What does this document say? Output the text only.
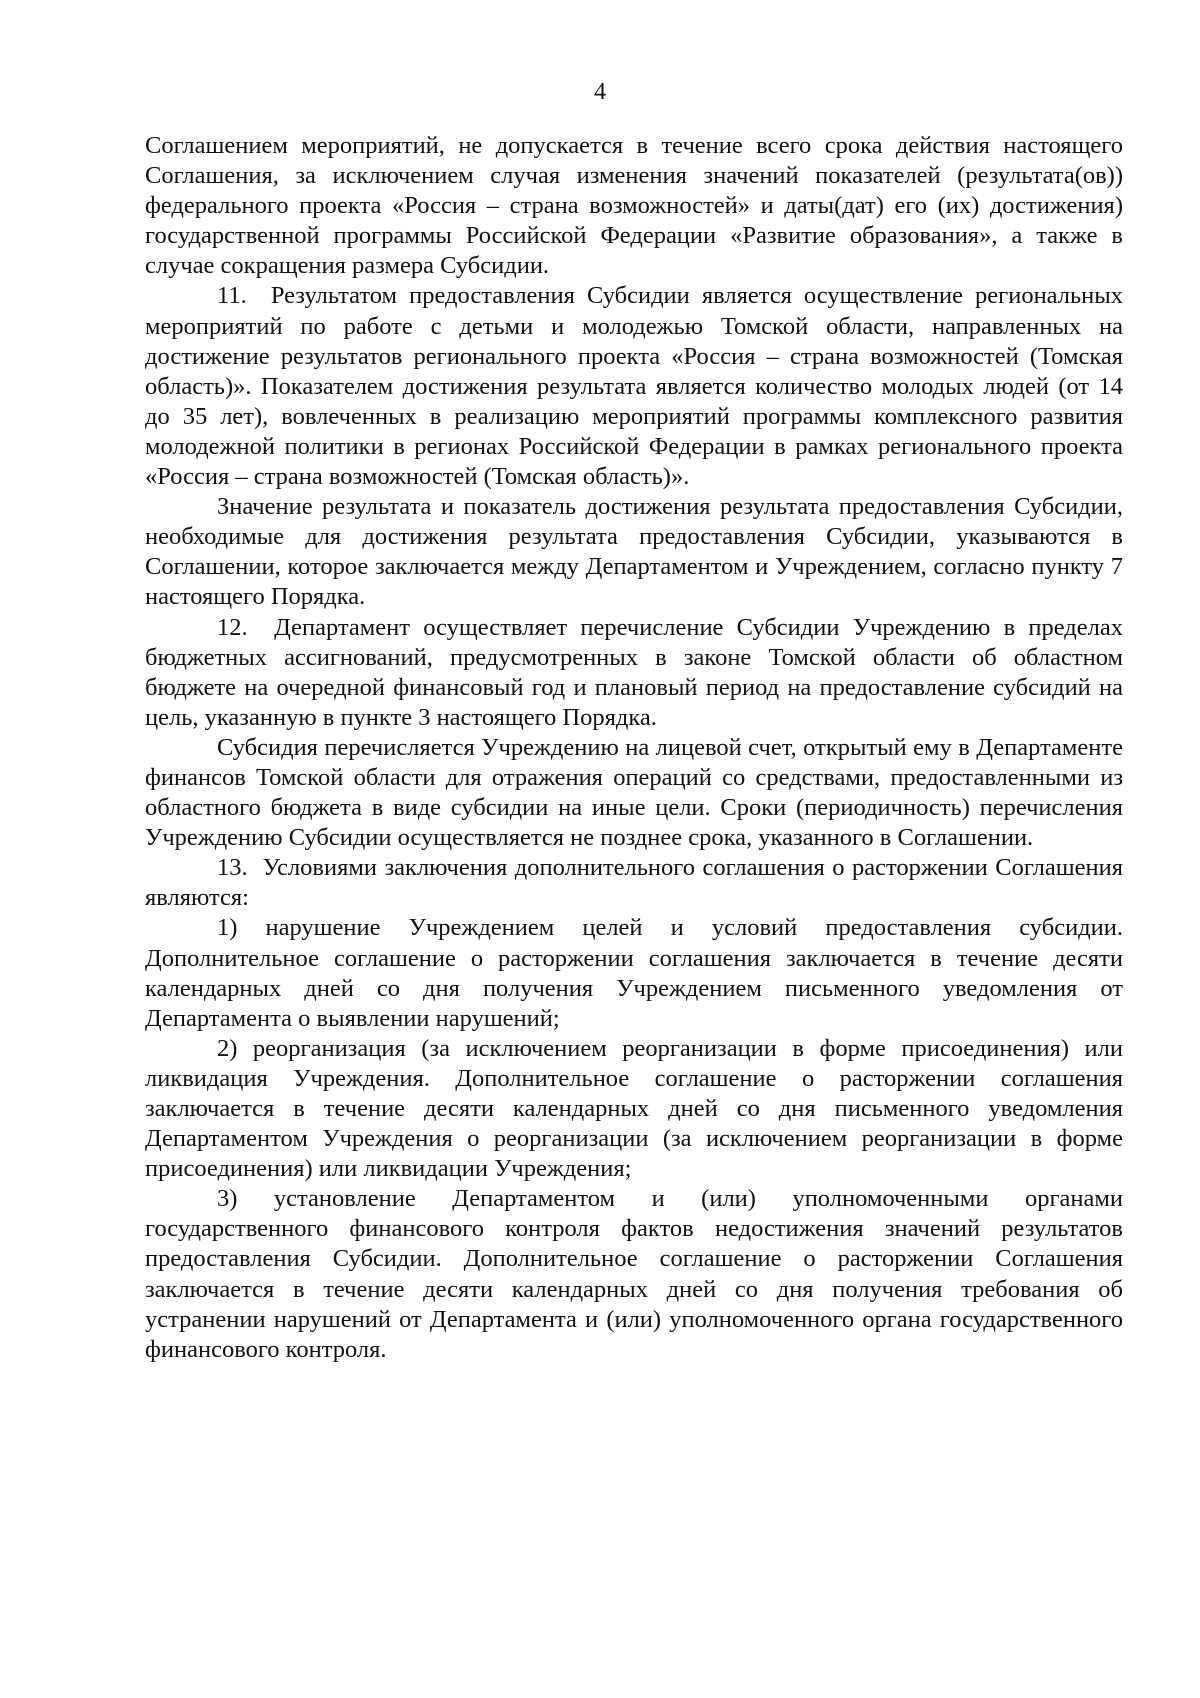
4

Соглашением мероприятий, не допускается в течение всего срока действия настоящего Соглашения, за исключением случая изменения значений показателей (результата(ов)) федерального проекта «Россия – страна возможностей» и даты(дат) его (их) достижения) государственной программы Российской Федерации «Развитие образования», а также в случае сокращения размера Субсидии.

11.  Результатом предоставления Субсидии является осуществление региональных мероприятий по работе с детьми и молодежью Томской области, направленных на достижение результатов регионального проекта «Россия – страна возможностей (Томская область)». Показателем достижения результата является количество молодых людей (от 14 до 35 лет), вовлеченных в реализацию мероприятий программы комплексного развития молодежной политики в регионах Российской Федерации в рамках регионального проекта «Россия – страна возможностей (Томская область)».

Значение результата и показатель достижения результата предоставления Субсидии, необходимые для достижения результата предоставления Субсидии, указываются в Соглашении, которое заключается между Департаментом и Учреждением, согласно пункту 7 настоящего Порядка.

12.  Департамент осуществляет перечисление Субсидии Учреждению в пределах бюджетных ассигнований, предусмотренных в законе Томской области об областном бюджете на очередной финансовый год и плановый период на предоставление субсидий на цель, указанную в пункте 3 настоящего Порядка.

Субсидия перечисляется Учреждению на лицевой счет, открытый ему в Департаменте финансов Томской области для отражения операций со средствами, предоставленными из областного бюджета в виде субсидии на иные цели. Сроки (периодичность) перечисления Учреждению Субсидии осуществляется не позднее срока, указанного в Соглашении.

13.  Условиями заключения дополнительного соглашения о расторжении Соглашения являются:

1) нарушение Учреждением целей и условий предоставления субсидии. Дополнительное соглашение о расторжении соглашения заключается в течение десяти календарных дней со дня получения Учреждением письменного уведомления от Департамента о выявлении нарушений;

2) реорганизация (за исключением реорганизации в форме присоединения) или ликвидация Учреждения. Дополнительное соглашение о расторжении соглашения заключается в течение десяти календарных дней со дня письменного уведомления Департаментом Учреждения о реорганизации (за исключением реорганизации в форме присоединения) или ликвидации Учреждения;

3) установление Департаментом и (или) уполномоченными органами государственного финансового контроля фактов недостижения значений результатов предоставления Субсидии. Дополнительное соглашение о расторжении Соглашения заключается в течение десяти календарных дней со дня получения требования об устранении нарушений от Департамента и (или) уполномоченного органа государственного финансового контроля.
